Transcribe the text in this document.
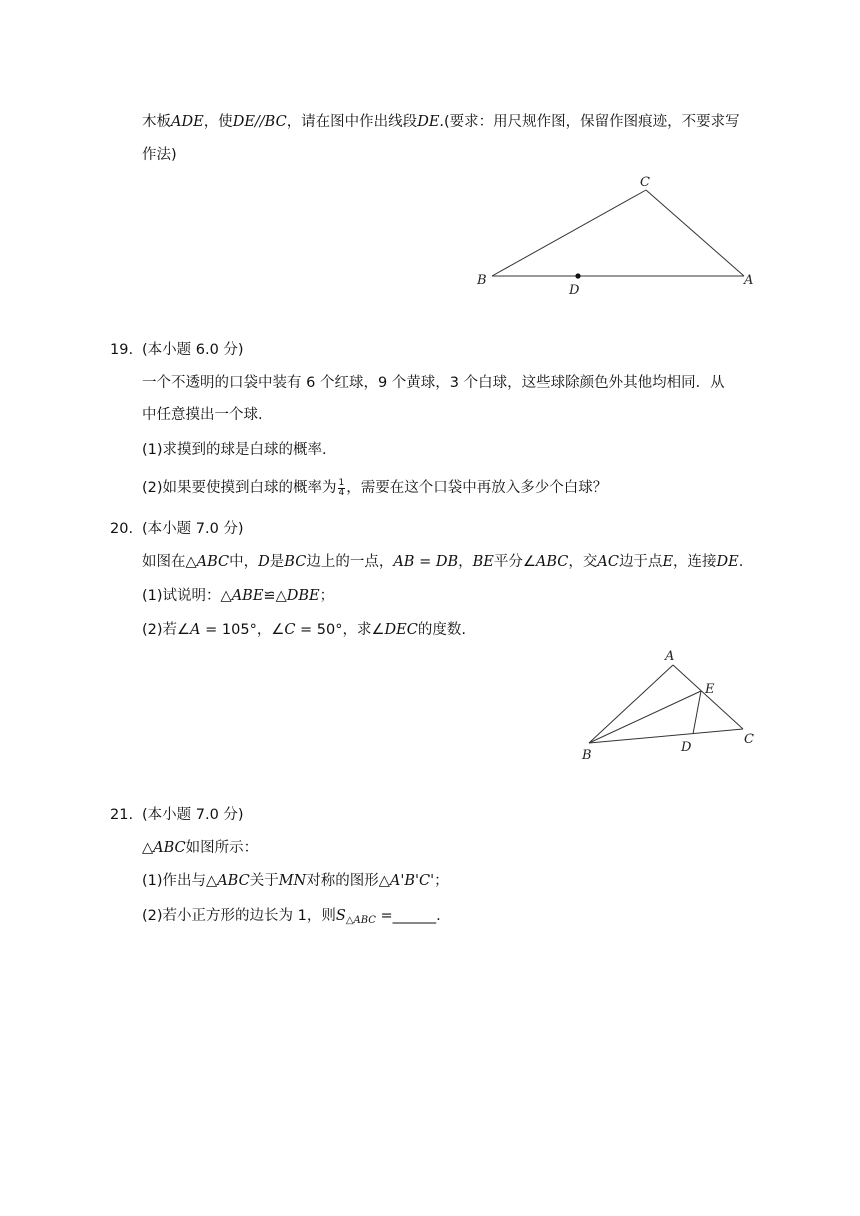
木板ADE，使DE//BC，请在图中作出线段DE.(要求：用尺规作图，保留作图痕迹，不要求写
作法)
C
B
D
A
19. (本小题 6.0 分)
一个不透明的口袋中装有 6 个红球，9 个黄球，3 个白球，这些球除颜色外其他均相同．从
中任意摸出一个球.
(1)求摸到的球是白球的概率.
(2)如果要使摸到白球的概率为 $\frac{1}{4}$ ，需要在这个口袋中再放入多少个白球？
20. (本小题 7.0 分)
如图在△ABC中，D是BC边上的一点，AB = DB，BE平分∠ABC，交AC边于点E，连接DE.
(1)试说明：△ABE≌△DBE；
(2)若∠A = 105°，∠C = 50°，求∠DEC的度数.
A
E
B
D
C
21. (本小题 7.0 分)
△ABC如图所示：
(1)作出与△ABC关于MN对称的图形△A'B'C'；
(2)若小正方形的边长为 1，则$S_{\triangle ABC}$ =______.
